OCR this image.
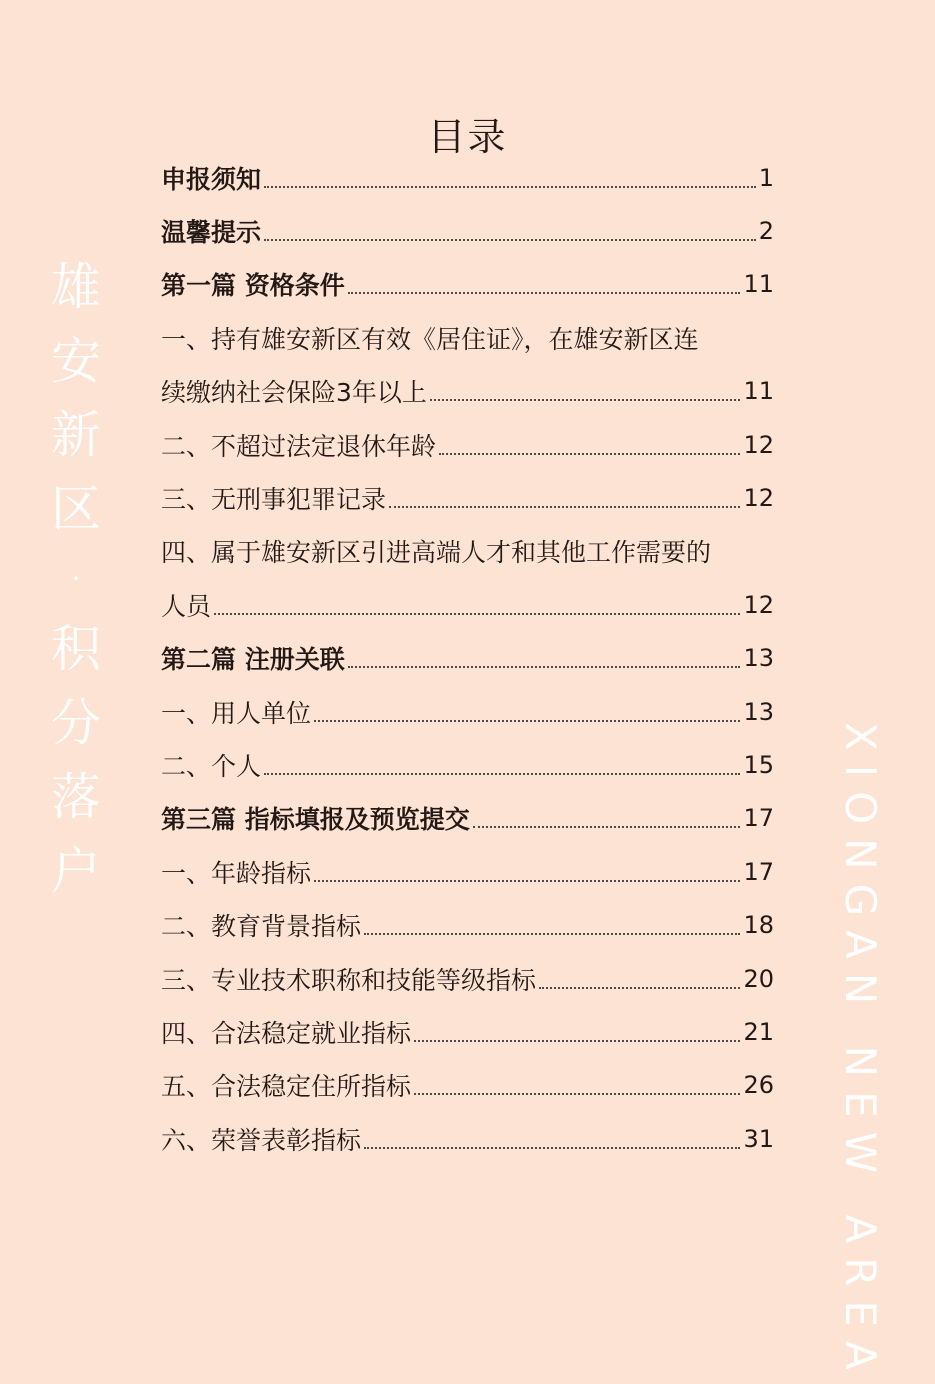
雄
安
新
区
·
积
分
落
户	XIONGAN NEW AREA
目录
申报须知	1
温馨提示	2
第一篇 资格条件	11
一、持有雄安新区有效《居住证》，在雄安新区连
续缴纳社会保险3年以上	11
二、不超过法定退休年龄	12
三、无刑事犯罪记录	12
四、属于雄安新区引进高端人才和其他工作需要的
人员	12
第二篇 注册关联	13
一、用人单位	13
二、个人	15
第三篇 指标填报及预览提交	17
一、年龄指标	17
二、教育背景指标	18
三、专业技术职称和技能等级指标	20
四、合法稳定就业指标	21
五、合法稳定住所指标	26
六、荣誉表彰指标	31
